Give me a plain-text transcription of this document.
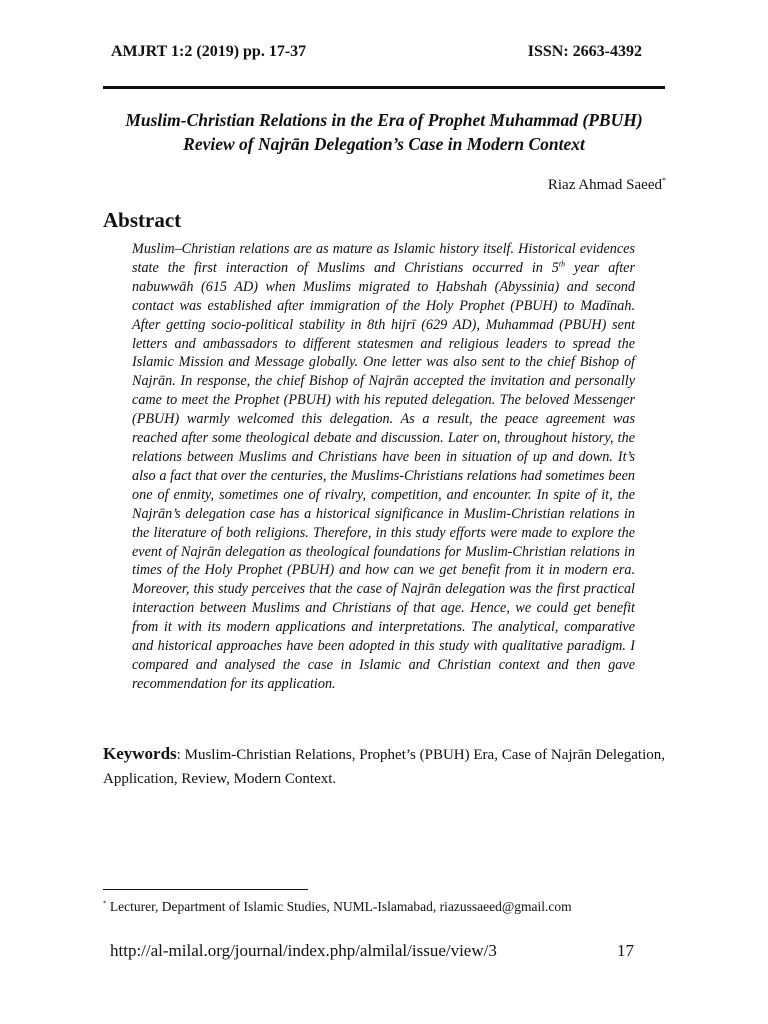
AMJRT 1:2 (2019) pp. 17-37	ISSN: 2663-4392
Muslim-Christian Relations in the Era of Prophet Muhammad (PBUH)
Review of Najrān Delegation’s Case in Modern Context
Riaz Ahmad Saeed*
Abstract
Muslim–Christian relations are as mature as Islamic history itself. Historical evidences state the first interaction of Muslims and Christians occurred in 5th year after nabuwwāh (615 AD) when Muslims migrated to Ḥabshah (Abyssinia) and second contact was established after immigration of the Holy Prophet (PBUH) to Madīnah. After getting socio-political stability in 8th hijrī (629 AD), Muhammad (PBUH) sent letters and ambassadors to different statesmen and religious leaders to spread the Islamic Mission and Message globally. One letter was also sent to the chief Bishop of Najrān. In response, the chief Bishop of Najrān accepted the invitation and personally came to meet the Prophet (PBUH) with his reputed delegation. The beloved Messenger (PBUH) warmly welcomed this delegation. As a result, the peace agreement was reached after some theological debate and discussion. Later on, throughout history, the relations between Muslims and Christians have been in situation of up and down. It’s also a fact that over the centuries, the Muslims-Christians relations had sometimes been one of enmity, sometimes one of rivalry, competition, and encounter. In spite of it, the Najrān’s delegation case has a historical significance in Muslim-Christian relations in the literature of both religions. Therefore, in this study efforts were made to explore the event of Najrān delegation as theological foundations for Muslim-Christian relations in times of the Holy Prophet (PBUH) and how can we get benefit from it in modern era. Moreover, this study perceives that the case of Najrān delegation was the first practical interaction between Muslims and Christians of that age. Hence, we could get benefit from it with its modern applications and interpretations. The analytical, comparative and historical approaches have been adopted in this study with qualitative paradigm. I compared and analysed the case in Islamic and Christian context and then gave recommendation for its application.
Keywords: Muslim-Christian Relations, Prophet’s (PBUH) Era, Case of Najrān Delegation, Application, Review, Modern Context.
* Lecturer, Department of Islamic Studies, NUML-Islamabad, riazussaeed@gmail.com
http://al-milal.org/journal/index.php/almilal/issue/view/3	17
